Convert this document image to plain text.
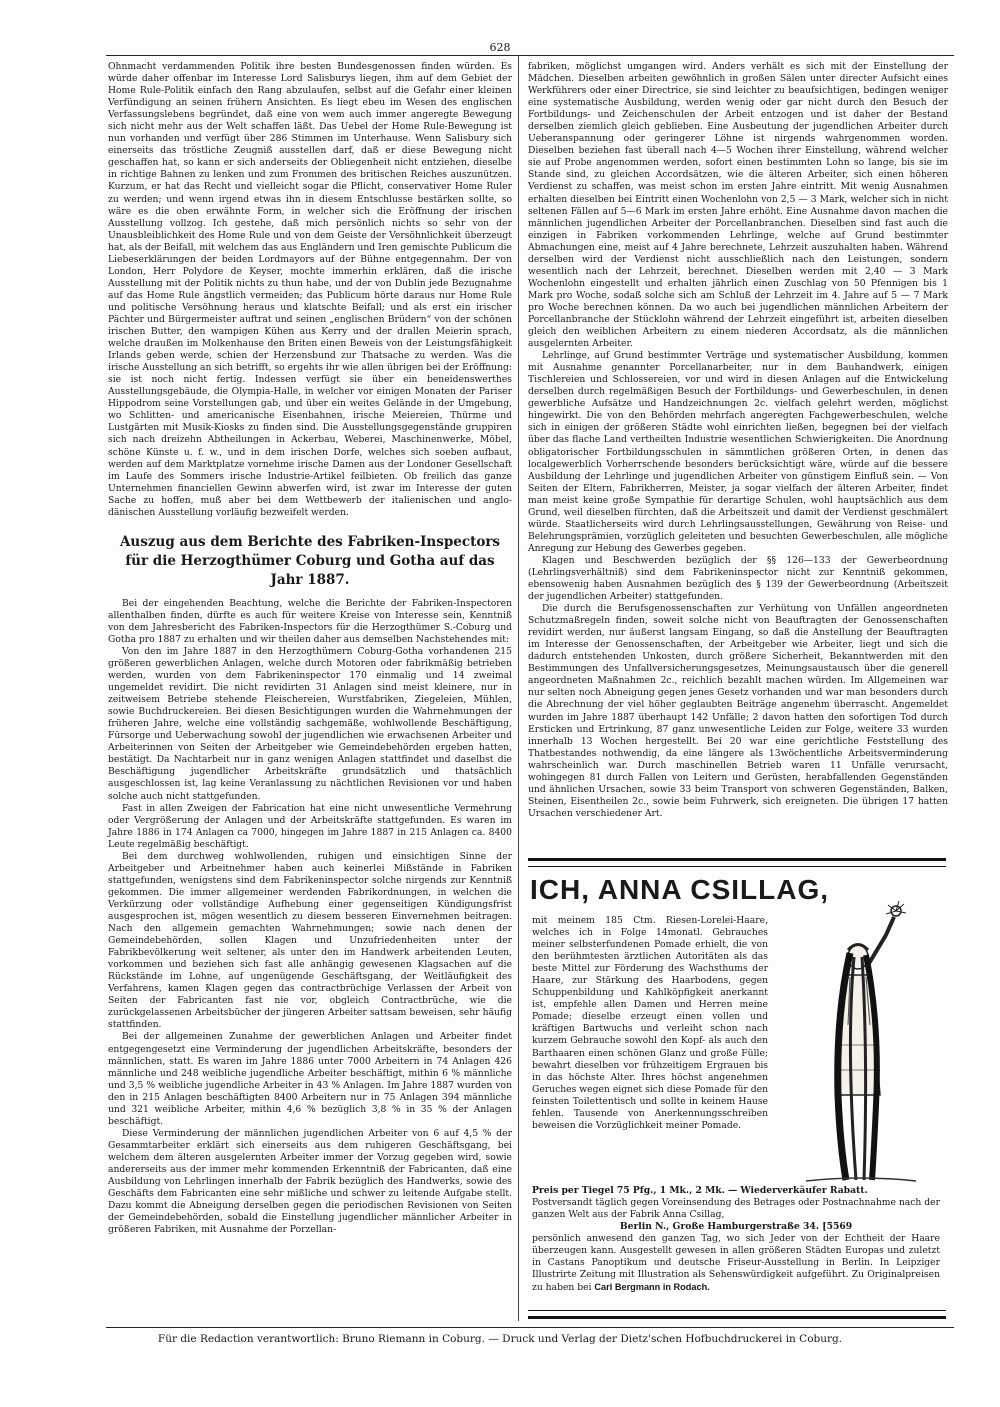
628

Ohnmacht verdammenden Politik ihre besten Bundesgenossen finden würden. Es würde daher offenbar im Interesse Lord Salisburys liegen, ihm auf dem Gebiet der Home Rule-Politik einfach den Rang abzulaufen, selbst auf die Gefahr einer kleinen Verfündigung an seinen frühern Ansichten. Es liegt ebeu im Wesen des englischen Verfassungslebens begründet, daß eine von wem auch immer angeregte Bewegung sich nicht mehr aus der Welt schaffen läßt. Das Uebel der Home Rule-Bewegung ist nun vorhanden und verfügt über 286 Stimmen im Unterhause. Wenn Salisbury sich einerseits das tröstliche Zeugniß ausstellen darf, daß er diese Bewegung nicht geschaffen hat, so kann er sich anderseits der Obliegenheit nicht entziehen, dieselbe in richtige Bahnen zu lenken und zum Frommen des britischen Reiches auszunützen. Kurzum, er hat das Recht und vielleicht sogar die Pflicht, conservativer Home Ruler zu werden; und wenn irgend etwas ihn in diesem Entschlusse bestärken sollte, so wäre es die oben erwähnte Form, in welcher sich die Eröffnung der irischen Ausstellung vollzog. Ich gestehe, daß mich persönlich nichts so sehr von der Unausbleiblichkeit des Home Rule und von dem Geiste der Versöhnlichkeit überzeugt hat, als der Beifall, mit welchem das aus Engländern und Iren gemischte Publicum die Liebeserklärungen der beiden Lordmayors auf der Bühne entgegennahm. Der von London, Herr Polydore de Keyser, mochte immerhin erklären, daß die irische Ausstellung mit der Politik nichts zu thun habe, und der von Dublin jede Bezugnahme auf das Home Rule ängstlich vermeiden; das Publicum hörte daraus nur Home Rule und politische Versöhnung heraus und klatschte Beifall; und als erst ein irischer Pächter und Bürgermeister auftrat und seinen „englischen Brüdern“ von der schönen irischen Butter, den wampigen Kühen aus Kerry und der drallen Meierin sprach, welche draußen im Molkenhause den Briten einen Beweis von der Leistungsfähigkeit Irlands geben werde, schien der Herzensbund zur Thatsache zu werden. Was die irische Ausstellung an sich betrifft, so ergehts ihr wie allen übrigen bei der Eröffnung: sie ist noch nicht fertig. Indessen verfügt sie über ein beneidenswerthes Ausstellungsgebäude, die Olympia-Halle, in welcher vor einigen Monaten der Pariser Hippodrom seine Vorstellungen gab, und über ein weites Gelände in der Umgebung, wo Schlitten- und americanische Eisenbahnen, irische Meiereien, Thürme und Lustgärten mit Musik-Kiosks zu finden sind. Die Ausstellungsgegenstände gruppiren sich nach dreizehn Abtheilungen in Ackerbau, Weberei, Maschinenwerke, Möbel, schöne Künste u. f. w., und in dem irischen Dorfe, welches sich soeben aufbaut, werden auf dem Marktplatze vornehme irische Damen aus der Londoner Gesellschaft im Laufe des Sommers irische Industrie-Artikel feilbieten. Ob freilich das ganze Unternehmen financiellen Gewinn abwerfen wird, ist zwar im Interesse der guten Sache zu hoffen, muß aber bei dem Wettbewerb der italienischen und anglo-dänischen Ausstellung vorläufig bezweifelt werden.

Auszug aus dem Berichte des Fabriken-Inspectors für die Herzogthümer Coburg und Gotha auf das Jahr 1887.

Bei der eingehenden Beachtung, welche die Berichte der Fabriken-Inspectoren allenthalben finden, dürfte es auch für weitere Kreise von Interesse sein, Kenntniß von dem Jahresbericht des Fabriken-Inspectors für die Herzogthümer S.-Coburg und Gotha pro 1887 zu erhalten und wir theilen daher aus demselben Nachstehendes mit:

Von den im Jahre 1887 in den Herzogthümern Coburg-Gotha vorhandenen 215 größeren gewerblichen Anlagen, welche durch Motoren oder fabrikmäßig betrieben werden, wurden von dem Fabrikeninspector 170 einmalig und 14 zweimal ungemeldet revidirt. Die nicht revidirten 31 Anlagen sind meist kleinere, nur in zeitweisem Betriebe stehende Fleischereien, Wurstfabriken, Ziegeleien, Mühlen, sowie Buchdruckereien. Bei diesen Besichtigungen wurden die Wahrnehmungen der früheren Jahre, welche eine vollständig sachgemäße, wohlwollende Beschäftigung, Fürsorge und Ueberwachung sowohl der jugendlichen wie erwachsenen Arbeiter und Arbeiterinnen von Seiten der Arbeitgeber wie Gemeindebehörden ergeben hatten, bestätigt. Da Nachtarbeit nur in ganz wenigen Anlagen stattfindet und daselbst die Beschäftigung jugendlicher Arbeitskräfte grundsätzlich und thatsächlich ausgeschlossen ist, lag keine Veranlassung zu nächtlichen Revisionen vor und haben solche auch nicht stattgefunden.

Fast in allen Zweigen der Fabrication hat eine nicht unwesentliche Vermehrung oder Vergrößerung der Anlagen und der Arbeitskräfte stattgefunden. Es waren im Jahre 1886 in 174 Anlagen ca 7000, hingegen im Jahre 1887 in 215 Anlagen ca. 8400 Leute regelmäßig beschäftigt.

Bei dem durchweg wohlwollenden, ruhigen und einsichtigen Sinne der Arbeitgeber und Arbeitnehmer haben auch keinerlei Mißstände in Fabriken stattgefunden, wenigstens sind dem Fabrikeninspector solche nirgends zur Kenntniß gekommen. Die immer allgemeiner werdenden Fabrikordnungen, in welchen die Verkürzung oder vollständige Aufhebung einer gegenseitigen Kündigungsfrist ausgesprochen ist, mögen wesentlich zu diesem besseren Einvernehmen beitragen. Nach den allgemein gemachten Wahrnehmungen; sowie nach denen der Gemeindebehörden, sollen Klagen und Unzufriedenheiten unter der Fabrikbevölkerung weit seltener, als unter den im Handwerk arbeitenden Leuten, vorkommen und beziehen sich fast alle anhängig gewesenen Klagsachen auf die Rückstände im Lohne, auf ungenügende Geschäftsgang, der Weitläufigkeit des Verfahrens, kamen Klagen gegen das contractbrüchige Verlassen der Arbeit von Seiten der Fabricanten fast nie vor, obgleich Contractbrüche, wie die zurückgelassenen Arbeitsbücher der jüngeren Arbeiter sattsam beweisen, sehr häufig stattfinden.

Bei der allgemeinen Zunahme der gewerblichen Anlagen und Arbeiter findet entgegengesetzt eine Verminderung der jugendlichen Arbeitskräfte, besonders der männlichen, statt. Es waren im Jahre 1886 unter 7000 Arbeitern in 74 Anlagen 426 männliche und 248 weibliche jugendliche Arbeiter beschäftigt, mithin 6 % männliche und 3,5 % weibliche jugendliche Arbeiter in 43 % Anlagen. Im Jahre 1887 wurden von den in 215 Anlagen beschäftigten 8400 Arbeitern nur in 75 Anlagen 394 männliche und 321 weibliche Arbeiter, mithin 4,6 % bezüglich 3,8 % in 35 % der Anlagen beschäftigt.

Diese Verminderung der männlichen jugendlichen Arbeiter von 6 auf 4,5 % der Gesammtarbeiter erklärt sich einerseits aus dem ruhigeren Geschäftsgang, bei welchem dem älteren ausgelernten Arbeiter immer der Vorzug gegeben wird, sowie andererseits aus der immer mehr kommenden Erkenntniß der Fabricanten, daß eine Ausbildung von Lehrlingen innerhalb der Fabrik bezüglich des Handwerks, sowie des Geschäfts dem Fabricanten eine sehr mißliche und schwer zu leitende Aufgabe stellt. Dazu kommt die Abneigung derselben gegen die periodischen Revisionen von Seiten der Gemeindebehörden, sobald die Einstellung jugendlicher männlicher Arbeiter in größeren Fabriken, mit Ausnahme der Porzellan-

fabriken, möglichst umgangen wird. Anders verhält es sich mit der Einstellung der Mädchen. Dieselben arbeiten gewöhnlich in großen Sälen unter directer Aufsicht eines Werkführers oder einer Directrice, sie sind leichter zu beaufsichtigen, bedingen weniger eine systematische Ausbildung, werden wenig oder gar nicht durch den Besuch der Fortbildungs- und Zeichenschulen der Arbeit entzogen und ist daher der Bestand derselben ziemlich gleich geblieben. Eine Ausbeutung der jugendlichen Arbeiter durch Ueberanspannung oder geringerer Löhne ist nirgends wahrgenommen worden. Dieselben beziehen fast überall nach 4—5 Wochen ihrer Einstellung, während welcher sie auf Probe angenommen werden, sofort einen bestimmten Lohn so lange, bis sie im Stande sind, zu gleichen Accordsätzen, wie die älteren Arbeiter, sich einen höheren Verdienst zu schaffen, was meist schon im ersten Jahre eintritt. Mit wenig Ausnahmen erhalten dieselben bei Eintritt einen Wochenlohn von 2,5 — 3 Mark, welcher sich in nicht seltenen Fällen auf 5—6 Mark im ersten Jahre erhöht. Eine Ausnahme davon machen die männlichen jugendlichen Arbeiter der Porcellanbranchen. Dieselben sind fast auch die einzigen in Fabriken vorkommenden Lehrlinge, welche auf Grund bestimmter Abmachungen eine, meist auf 4 Jahre berechnete, Lehrzeit auszuhalten haben. Während derselben wird der Verdienst nicht ausschließlich nach den Leistungen, sondern wesentlich nach der Lehrzeit, berechnet. Dieselben werden mit 2,40 — 3 Mark Wochenlohn eingestellt und erhalten jährlich einen Zuschlag von 50 Pfennigen bis 1 Mark pro Woche, sodaß solche sich am Schluß der Lehrzeit im 4. Jahre auf 5 — 7 Mark pro Woche berechnen können. Da wo auch bei jugendlichen männlichen Arbeitern der Porcellanbranche der Stücklohn während der Lehrzeit eingeführt ist, arbeiten dieselben gleich den weiblichen Arbeitern zu einem niederen Accordsatz, als die männlichen ausgelernten Arbeiter.

Lehrlinge, auf Grund bestimmter Verträge und systematischer Ausbildung, kommen mit Ausnahme genannter Porcellanarbeiter, nur in dem Bauhandwerk, einigen Tischlereien und Schlossereien, vor und wird in diesen Anlagen auf die Entwickelung derselben durch regelmäßigen Besuch der Fortbildungs- und Gewerbeschulen, in denen gewerbliche Aufsätze und Handzeichnungen 2c. vielfach gelehrt werden, möglichst hingewirkt. Die von den Behörden mehrfach angeregten Fachgewerbeschulen, welche sich in einigen der größeren Städte wohl einrichten ließen, begegnen bei der vielfach über das flache Land vertheilten Industrie wesentlichen Schwierigkeiten. Die Anordnung obligatorischer Fortbildungsschulen in sämmtlichen größeren Orten, in denen das localgewerblich Vorherrschende besonders berücksichtigt wäre, würde auf die bessere Ausbildung der Lehrlinge und jugendlichen Arbeiter von günstigem Einfluß sein. — Von Seiten der Eltern, Fabrikherren, Meister, ja sogar vielfach der älteren Arbeiter, findet man meist keine große Sympathie für derartige Schulen, wohl hauptsächlich aus dem Grund, weil dieselben fürchten, daß die Arbeitszeit und damit der Verdienst geschmälert würde. Staatlicherseits wird durch Lehrlingsausstellungen, Gewährung von Reise- und Belehrungsprämien, vorzüglich geleiteten und besuchten Gewerbeschulen, alle mögliche Anregung zur Hebung des Gewerbes gegeben.

Klagen und Beschwerden bezüglich der §§ 126—133 der Gewerbeordnung (Lehrlingsverhältniß) sind dem Fabrikeninspector nicht zur Kenntniß gekommen, ebensowenig haben Ausnahmen bezüglich des § 139 der Gewerbeordnung (Arbeitszeit der jugendlichen Arbeiter) stattgefunden.

Die durch die Berufsgenossenschaften zur Verhütung von Unfällen angeordneten Schutzmaßregeln finden, soweit solche nicht von Beauftragten der Genossenschaften revidirt werden, nur äußerst langsam Eingang, so daß die Anstellung der Beauftragten im Interesse der Genossenschaften, der Arbeitgeber wie Arbeiter, liegt und sich die dadurch entstehenden Unkosten, durch größere Sicherheit, Bekanntwerden mit den Bestimmungen des Unfallversicherungsgesetzes, Meinungsaustausch über die generell angeordneten Maßnahmen 2c., reichlich bezahlt machen würden. Im Allgemeinen war nur selten noch Abneigung gegen jenes Gesetz vorhanden und war man besonders durch die Abrechnung der viel höher geglaubten Beiträge angenehm überrascht. Angemeldet wurden im Jahre 1887 überhaupt 142 Unfälle; 2 davon hatten den sofortigen Tod durch Ersticken und Ertrinkung, 87 ganz unwesentliche Leiden zur Folge, weitere 33 wurden innerhalb 13 Wochen hergestellt. Bei 20 war eine gerichtliche Feststellung des Thatbestandes nothwendig, da eine längere als 13wöchentliche Arbeitsverminderung wahrscheinlich war. Durch maschinellen Betrieb waren 11 Unfälle verursacht, wohingegen 81 durch Fallen von Leitern und Gerüsten, herabfallenden Gegenständen und ähnlichen Ursachen, sowie 33 beim Transport von schweren Gegenständen, Balken, Steinen, Eisentheilen 2c., sowie beim Fuhrwerk, sich ereigneten. Die übrigen 17 hatten Ursachen verschiedener Art.

ICH, ANNA CSILLAG,

mit meinem 185 Ctm. Riesen-Lorelei-Haare, welches ich in Folge 14monatl. Gebrauches meiner selbsterfundenen Pomade erhielt, die von den berühmtesten ärztlichen Autoritäten als das beste Mittel zur Förderung des Wachsthums der Haare, zur Stärkung des Haarbodens, gegen Schuppenbildung und Kahlköpfigkeit anerkannt ist, empfehle allen Damen und Herren meine Pomade; dieselbe erzeugt einen vollen und kräftigen Bartwuchs und verleiht schon nach kurzem Gebrauche sowohl den Kopf- als auch den Barthaaren einen schönen Glanz und große Fülle; bewahrt dieselben vor frühzeitigem Ergrauen bis in das höchste Alter. Ihres höchst angenehmen Geruches wegen eignet sich diese Pomade für den feinsten Toilettentisch und sollte in keinem Hause fehlen. Tausende von Anerkennungsschreiben beweisen die Vorzüglichkeit meiner Pomade.

Preis per Tiegel 75 Pfg., 1 Mk., 2 Mk. — Wiederverkäufer Rabatt.

Postversandt täglich gegen Voreinsendung des Betrages oder Postnachnahme nach der ganzen Welt aus der Fabrik Anna Csillag,

Berlin N., Große Hamburgerstraße 34. [5569

persönlich anwesend den ganzen Tag, wo sich Jeder von der Echtheit der Haare überzeugen kann. Ausgestellt gewesen in allen größeren Städten Europas und zuletzt in Castans Panoptikum und deutsche Friseur-Ausstellung in Berlin. In Leipziger Illustrirte Zeitung mit Illustration als Sehenswürdigkeit aufgeführt. Zu Originalpreisen zu haben bei Carl Bergmann in Rodach.

Für die Redaction verantwortlich: Bruno Riemann in Coburg. — Druck und Verlag der Dietz'schen Hofbuchdruckerei in Coburg.
